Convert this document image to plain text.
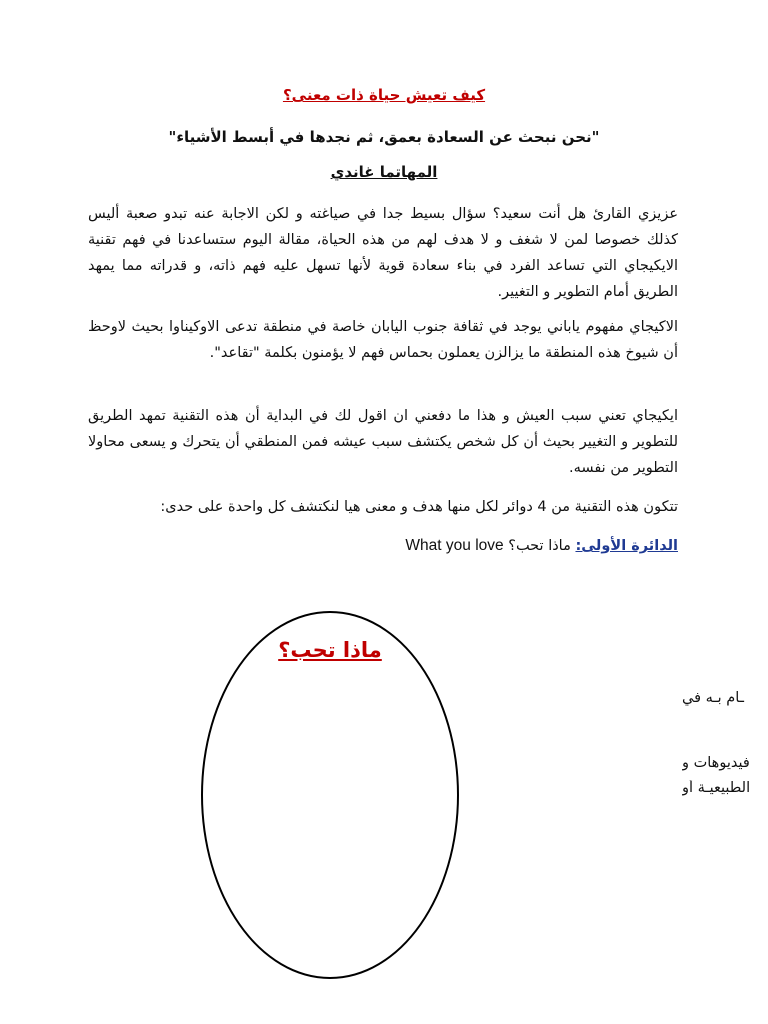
كيف تعيش حياة ذات معنى؟
"نحن نبحث عن السعادة بعمق، ثم نجدها في أبسط الأشياء"
المهاتما غاندي
عزيزي القارئ هل أنت سعيد؟ سؤال بسيط جدا في صياغته و لكن الاجابة عنه تبدو صعبة أليس كذلك خصوصا لمن لا شغف و لا هدف لهم من هذه الحياة، مقالة اليوم ستساعدنا في فهم تقنية الايكيجاي التي تساعد الفرد في بناء سعادة قوية لأنها تسهل عليه فهم ذاته، و قدراته مما يمهد الطريق أمام التطوير و التغيير.
الاكيجاي مفهوم ياباني يوجد في ثقافة جنوب اليابان خاصة في منطقة تدعى الاوكيناوا بحيث لاوحظ أن شيوخ هذه المنطقة ما يزالزن يعملون بحماس فهم لا يؤمنون بكلمة "تقاعد".
ايكيجاي تعني سبب العيش و هذا ما دفعني ان اقول لك في البداية أن هذه التقنية تمهد الطريق للتطوير و التغيير بحيث أن كل شخص يكتشف سبب عيشه فمن المنطقي أن يتحرك و يسعى محاولا التطوير من نفسه.
تتكون هذه التقنية من 4 دوائر لكل منها هدف و معنى هيا لنكتشف كل واحدة على حدى:
الدائرة الأولى: ماذا تحب؟ What you love
ماذا تحب؟
ـام بـه في
فيديوهات و
الطبيعيـة أو
